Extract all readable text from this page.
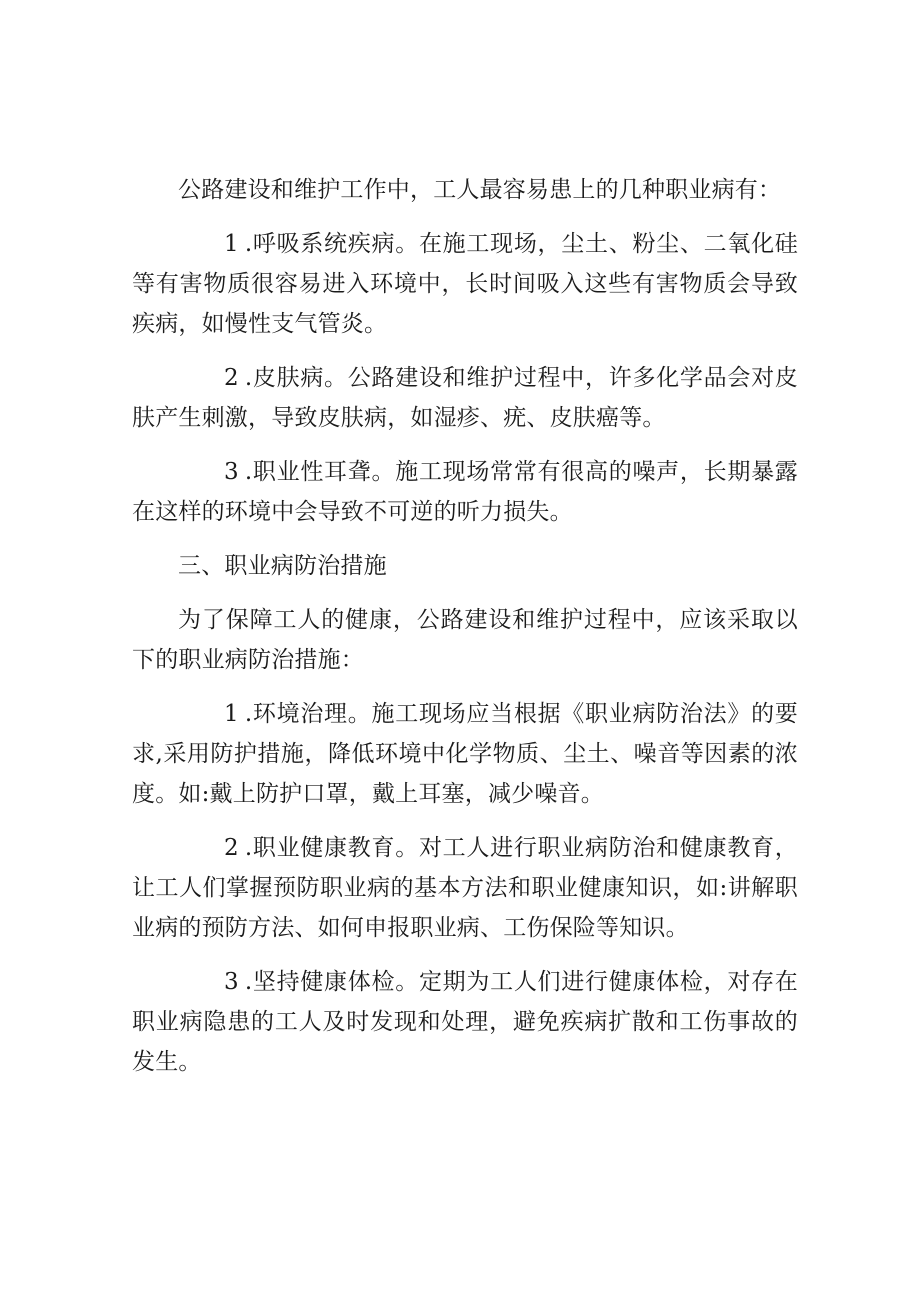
公路建设和维护工作中，工人最容易患上的几种职业病有：

1 .呼吸系统疾病。在施工现场，尘土、粉尘、二氧化硅等有害物质很容易进入环境中，长时间吸入这些有害物质会导致疾病，如慢性支气管炎。

2 .皮肤病。公路建设和维护过程中，许多化学品会对皮肤产生刺激，导致皮肤病，如湿疹、疣、皮肤癌等。

3 .职业性耳聋。施工现场常常有很高的噪声，长期暴露在这样的环境中会导致不可逆的听力损失。

三、职业病防治措施

为了保障工人的健康，公路建设和维护过程中，应该采取以下的职业病防治措施：

1 .环境治理。施工现场应当根据《职业病防治法》的要求,采用防护措施，降低环境中化学物质、尘土、噪音等因素的浓度。如:戴上防护口罩，戴上耳塞，减少噪音。

2 .职业健康教育。对工人进行职业病防治和健康教育，让工人们掌握预防职业病的基本方法和职业健康知识，如:讲解职业病的预防方法、如何申报职业病、工伤保险等知识。

3 .坚持健康体检。定期为工人们进行健康体检，对存在职业病隐患的工人及时发现和处理，避免疾病扩散和工伤事故的发生。
